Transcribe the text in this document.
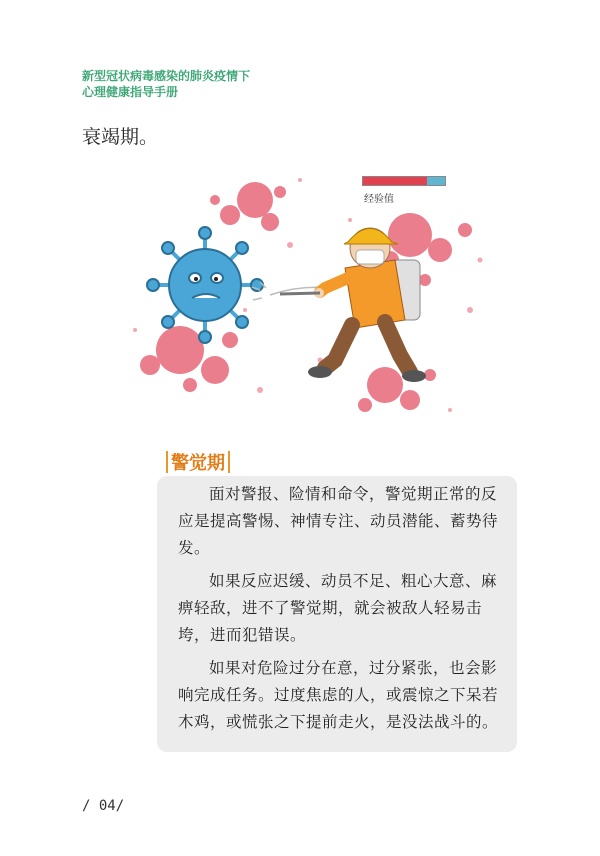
新型冠状病毒感染的肺炎疫情下
心理健康指导手册
衰竭期。
经验值
警觉期

面对警报、险情和命令，警觉期正常的反应是提高警惕、神情专注、动员潜能、蓄势待发。

如果反应迟缓、动员不足、粗心大意、麻痹轻敌，进不了警觉期，就会被敌人轻易击垮，进而犯错误。

如果对危险过分在意，过分紧张，也会影响完成任务。过度焦虑的人，或震惊之下呆若木鸡，或慌张之下提前走火，是没法战斗的。

/ 04/
